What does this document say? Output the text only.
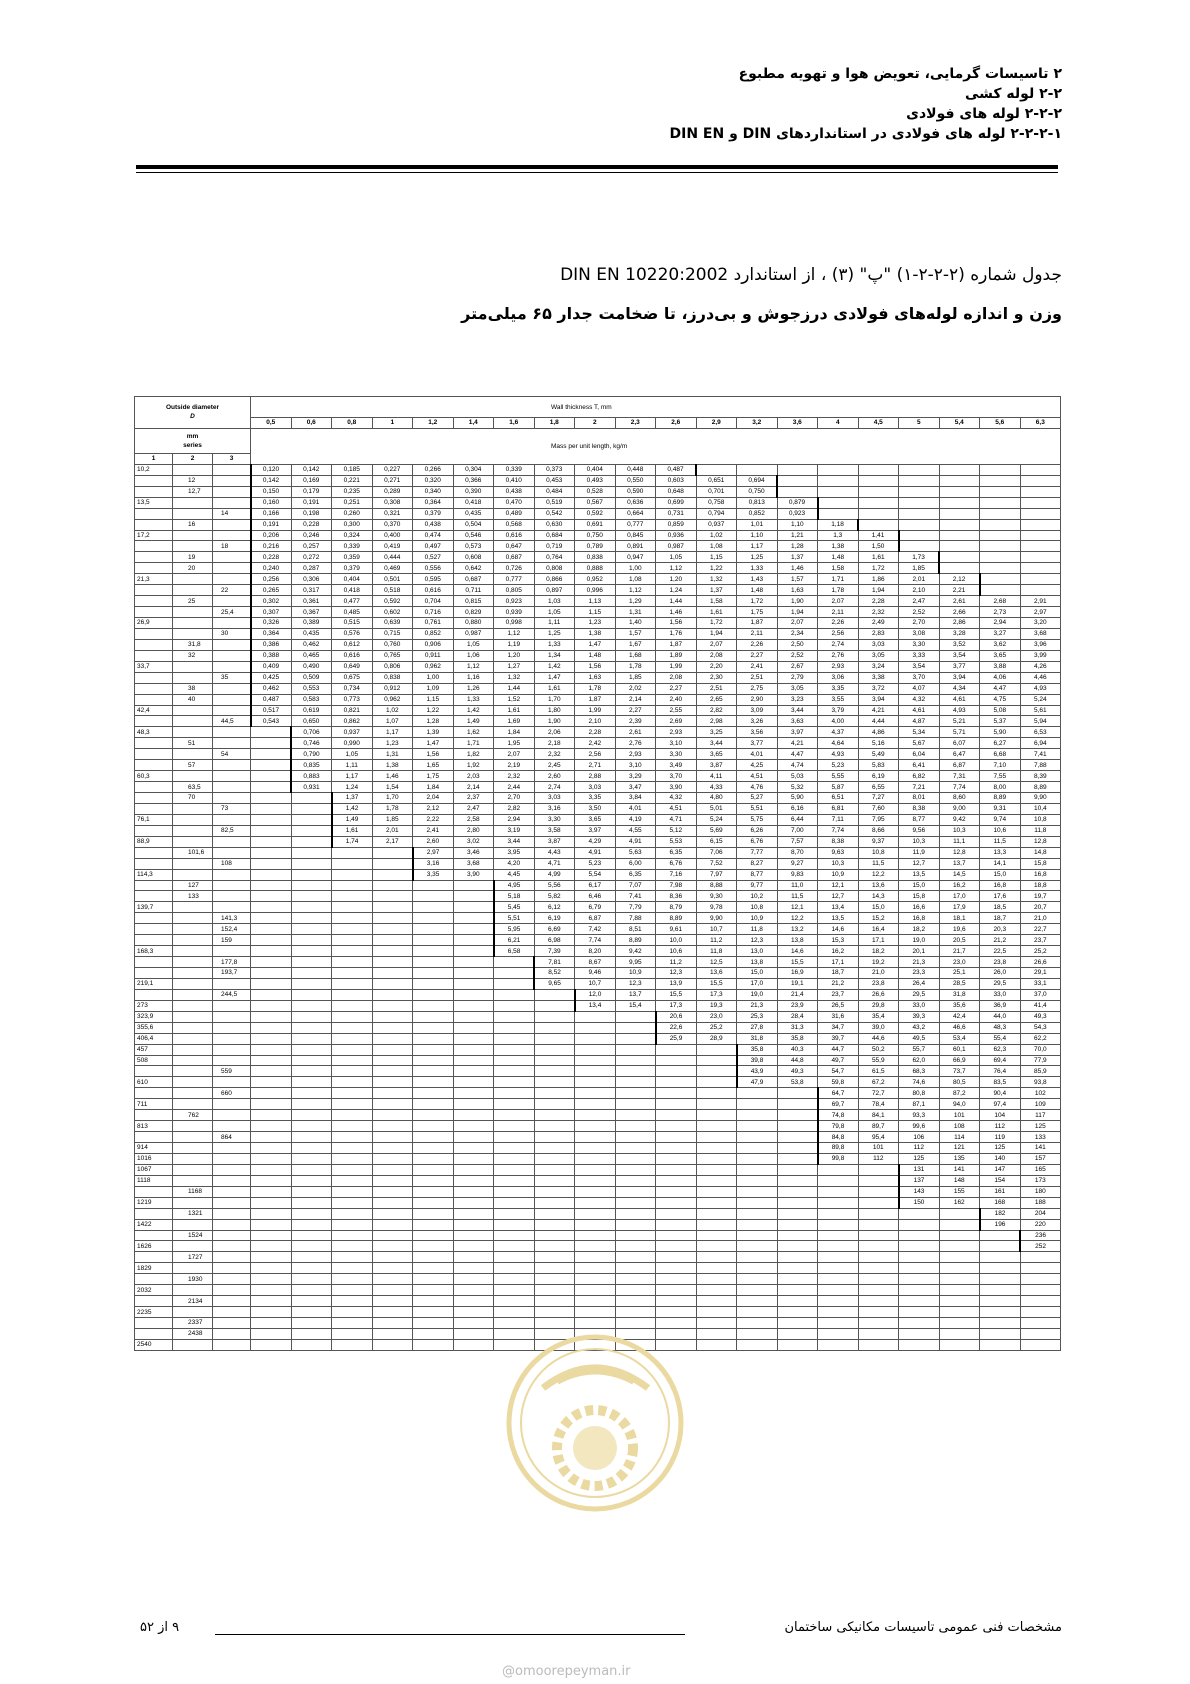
۲ تاسیسات گرمایی، تعویض هوا و تهویه مطبوع
۲-۲ لوله کشی
۲-۲-۲ لوله های فولادی
۲-۲-۲-۱ لوله های فولادی در استانداردهای DIN و DIN EN
جدول شماره (۲-۲-۲-۱) "پ" (۳) ، از استاندارد DIN EN 10220:2002
وزن و اندازه لوله‌های فولادی درزجوش و بی‌درز، تا ضخامت جدار ۶۵ میلی‌متر
Outside diameter
D			Wall thickness T, mm																			
			0,5	0,6	0,8	1	1,2	1,4	1,6	1,8	2	2,3	2,6	2,9	3,2	3,6	4	4,5	5	5,4	5,6	6,3

mm
series			Mass per unit length, kg/m																			
1	2	3																				
10,2			0,120	0,142	0,185	0,227	0,266	0,304	0,339	0,373	0,404	0,448	0,487									
	12		0,142	0,169	0,221	0,271	0,320	0,366	0,410	0,453	0,493	0,550	0,603	0,651	0,694							
	12,7		0,150	0,179	0,235	0,289	0,340	0,390	0,438	0,484	0,528	0,590	0,648	0,701	0,750							
13,5			0,160	0,191	0,251	0,308	0,364	0,418	0,470	0,519	0,567	0,636	0,699	0,758	0,813	0,879						
		14	0,166	0,198	0,260	0,321	0,379	0,435	0,489	0,542	0,592	0,664	0,731	0,794	0,852	0,923						
	16		0,191	0,228	0,300	0,370	0,438	0,504	0,568	0,630	0,691	0,777	0,859	0,937	1,01	1,10	1,18					
17,2			0,206	0,246	0,324	0,400	0,474	0,546	0,616	0,684	0,750	0,845	0,936	1,02	1,10	1,21	1,3	1,41				
		18	0,216	0,257	0,339	0,419	0,497	0,573	0,647	0,719	0,789	0,891	0,987	1,08	1,17	1,28	1,38	1,50				
	19		0,228	0,272	0,359	0,444	0,527	0,608	0,687	0,764	0,838	0,947	1,05	1,15	1,25	1,37	1,48	1,61	1,73			
	20		0,240	0,287	0,379	0,469	0,556	0,642	0,726	0,808	0,888	1,00	1,12	1,22	1,33	1,46	1,58	1,72	1,85			
21,3			0,256	0,306	0,404	0,501	0,595	0,687	0,777	0,866	0,952	1,08	1,20	1,32	1,43	1,57	1,71	1,86	2,01	2,12		
		22	0,265	0,317	0,418	0,518	0,616	0,711	0,805	0,897	0,996	1,12	1,24	1,37	1,48	1,63	1,78	1,94	2,10	2,21		
	25		0,302	0,361	0,477	0,592	0,704	0,815	0,923	1,03	1,13	1,29	1,44	1,58	1,72	1,90	2,07	2,28	2,47	2,61	2,68	2,91
		25,4	0,307	0,367	0,485	0,602	0,716	0,829	0,939	1,05	1,15	1,31	1,46	1,61	1,75	1,94	2,11	2,32	2,52	2,66	2,73	2,97
26,9			0,326	0,389	0,515	0,639	0,761	0,880	0,998	1,11	1,23	1,40	1,56	1,72	1,87	2,07	2,26	2,49	2,70	2,86	2,94	3,20
		30	0,364	0,435	0,576	0,715	0,852	0,987	1,12	1,25	1,38	1,57	1,76	1,94	2,11	2,34	2,56	2,83	3,08	3,28	3,27	3,68
	31,8		0,386	0,462	0,612	0,760	0,906	1,05	1,19	1,33	1,47	1,67	1,87	2,07	2,26	2,50	2,74	3,03	3,30	3,52	3,62	3,96
	32		0,388	0,465	0,616	0,765	0,911	1,06	1,20	1,34	1,48	1,68	1,89	2,08	2,27	2,52	2,76	3,05	3,33	3,54	3,65	3,99
33,7			0,409	0,490	0,649	0,806	0,962	1,12	1,27	1,42	1,56	1,78	1,99	2,20	2,41	2,67	2,93	3,24	3,54	3,77	3,88	4,26
		35	0,425	0,509	0,675	0,838	1,00	1,16	1,32	1,47	1,63	1,85	2,08	2,30	2,51	2,79	3,06	3,38	3,70	3,94	4,06	4,46
	38		0,462	0,553	0,734	0,912	1,09	1,26	1,44	1,61	1,78	2,02	2,27	2,51	2,75	3,05	3,35	3,72	4,07	4,34	4,47	4,93
	40		0,487	0,583	0,773	0,962	1,15	1,33	1,52	1,70	1,87	2,14	2,40	2,65	2,90	3,23	3,55	3,94	4,32	4,61	4,75	5,24
42,4			0,517	0,619	0,821	1,02	1,22	1,42	1,61	1,80	1,99	2,27	2,55	2,82	3,09	3,44	3,79	4,21	4,61	4,93	5,08	5,61
		44,5	0,543	0,650	0,862	1,07	1,28	1,49	1,69	1,90	2,10	2,39	2,69	2,98	3,26	3,63	4,00	4,44	4,87	5,21	5,37	5,94
48,3				0,706	0,937	1,17	1,39	1,62	1,84	2,06	2,28	2,61	2,93	3,25	3,56	3,97	4,37	4,86	5,34	5,71	5,90	6,53
	51			0,746	0,990	1,23	1,47	1,71	1,95	2,18	2,42	2,76	3,10	3,44	3,77	4,21	4,64	5,16	5,67	6,07	6,27	6,94
		54		0,790	1,05	1,31	1,56	1,82	2,07	2,32	2,56	2,93	3,30	3,65	4,01	4,47	4,93	5,49	6,04	6,47	6,68	7,41
	57			0,835	1,11	1,38	1,65	1,92	2,19	2,45	2,71	3,10	3,49	3,87	4,25	4,74	5,23	5,83	6,41	6,87	7,10	7,88
60,3				0,883	1,17	1,46	1,75	2,03	2,32	2,60	2,88	3,29	3,70	4,11	4,51	5,03	5,55	6,19	6,82	7,31	7,55	8,39
	63,5			0,931	1,24	1,54	1,84	2,14	2,44	2,74	3,03	3,47	3,90	4,33	4,76	5,32	5,87	6,55	7,21	7,74	8,00	8,89
	70				1,37	1,70	2,04	2,37	2,70	3,03	3,35	3,84	4,32	4,80	5,27	5,90	6,51	7,27	8,01	8,60	8,89	9,90
		73			1,42	1,78	2,12	2,47	2,82	3,16	3,50	4,01	4,51	5,01	5,51	6,16	6,81	7,60	8,38	9,00	9,31	10,4
76,1					1,49	1,85	2,22	2,58	2,94	3,30	3,65	4,19	4,71	5,24	5,75	6,44	7,11	7,95	8,77	9,42	9,74	10,8
		82,5			1,61	2,01	2,41	2,80	3,19	3,58	3,97	4,55	5,12	5,69	6,26	7,00	7,74	8,66	9,56	10,3	10,6	11,8
88,9					1,74	2,17	2,60	3,02	3,44	3,87	4,29	4,91	5,53	6,15	6,76	7,57	8,38	9,37	10,3	11,1	11,5	12,8
	101,6						2,97	3,46	3,95	4,43	4,91	5,63	6,35	7,06	7,77	8,70	9,63	10,8	11,9	12,8	13,3	14,8
		108					3,16	3,68	4,20	4,71	5,23	6,00	6,76	7,52	8,27	9,27	10,3	11,5	12,7	13,7	14,1	15,8
114,3							3,35	3,90	4,45	4,99	5,54	6,35	7,16	7,97	8,77	9,83	10,9	12,2	13,5	14,5	15,0	16,8
	127								4,95	5,56	6,17	7,07	7,98	8,88	9,77	11,0	12,1	13,6	15,0	16,2	16,8	18,8
	133								5,18	5,82	6,46	7,41	8,36	9,30	10,2	11,5	12,7	14,3	15,8	17,0	17,6	19,7
139,7									5,45	6,12	6,79	7,79	8,79	9,78	10,8	12,1	13,4	15,0	16,6	17,9	18,5	20,7
		141,3							5,51	6,19	6,87	7,88	8,89	9,90	10,9	12,2	13,5	15,2	16,8	18,1	18,7	21,0
		152,4							5,95	6,69	7,42	8,51	9,61	10,7	11,8	13,2	14,6	16,4	18,2	19,6	20,3	22,7
		159							6,21	6,98	7,74	8,89	10,0	11,2	12,3	13,8	15,3	17,1	19,0	20,5	21,2	23,7
168,3									6,58	7,39	8,20	9,42	10,6	11,8	13,0	14,6	16,2	18,2	20,1	21,7	22,5	25,2
		177,8								7,81	8,67	9,95	11,2	12,5	13,8	15,5	17,1	19,2	21,3	23,0	23,8	26,6
		193,7								8,52	9,46	10,9	12,3	13,6	15,0	16,9	18,7	21,0	23,3	25,1	26,0	29,1
219,1										9,65	10,7	12,3	13,9	15,5	17,0	19,1	21,2	23,8	26,4	28,5	29,5	33,1
		244,5									12,0	13,7	15,5	17,3	19,0	21,4	23,7	26,6	29,5	31,8	33,0	37,0
273											13,4	15,4	17,3	19,3	21,3	23,9	26,5	29,8	33,0	35,6	36,9	41,4
323,9													20,6	23,0	25,3	28,4	31,6	35,4	39,3	42,4	44,0	49,3
355,6													22,6	25,2	27,8	31,3	34,7	39,0	43,2	46,6	48,3	54,3
406,4													25,9	28,9	31,8	35,8	39,7	44,6	49,5	53,4	55,4	62,2
457															35,8	40,3	44,7	50,2	55,7	60,1	62,3	70,0
508															39,8	44,8	49,7	55,9	62,0	66,9	69,4	77,9
		559													43,9	49,3	54,7	61,5	68,3	73,7	76,4	85,9
610															47,9	53,8	59,8	67,2	74,6	80,5	83,5	93,8
		660															64,7	72,7	80,8	87,2	90,4	102
711																	69,7	78,4	87,1	94,0	97,4	109
	762																74,8	84,1	93,3	101	104	117
813																	79,8	89,7	99,6	108	112	125
		864															84,8	95,4	106	114	119	133
914																	89,8	101	112	121	125	141
1016																	99,8	112	125	135	140	157
1067																			131	141	147	165
1118																			137	148	154	173
	1168																		143	155	161	180
1219																			150	162	168	188
	1321																				182	204
1422																					196	220
	1524																					236
1626																						252
	1727																					
1829																						
	1930																					
2032																						
	2134																					
2235																						
	2337																					
	2438																					
2540																						
مشخصات فنی عمومی تاسیسات مکانیکی ساختمان
۹ از ۵۲
@omoorepeyman.ir
